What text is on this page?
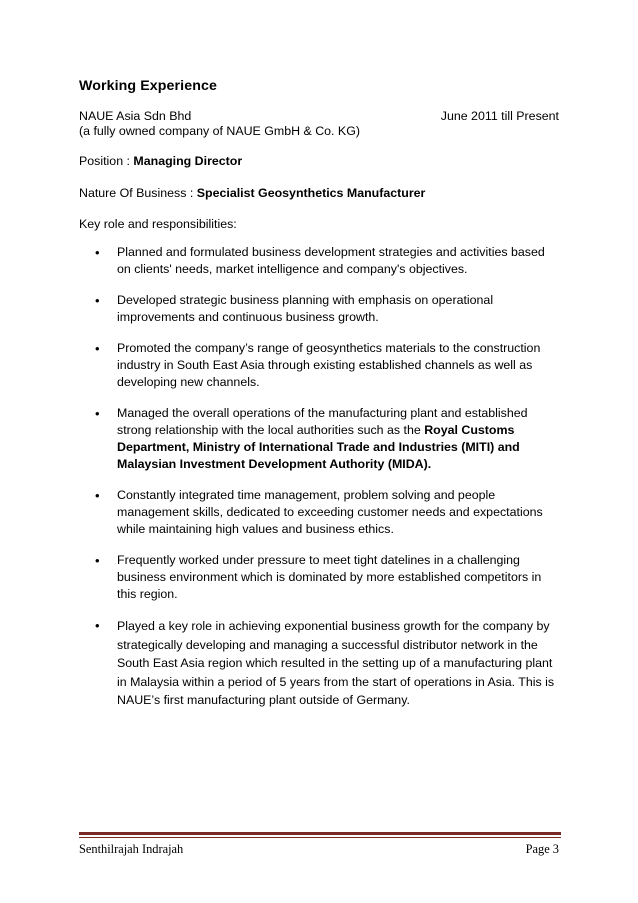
Working Experience
NAUE Asia Sdn Bhd	June 2011 till Present
(a fully owned company of NAUE GmbH & Co. KG)
Position : Managing Director
Nature Of Business : Specialist Geosynthetics Manufacturer
Key role and responsibilities:
• Planned and formulated business development strategies and activities based on clients' needs, market intelligence and company's objectives.
• Developed strategic business planning with emphasis on operational improvements and continuous business growth.
• Promoted the company’s range of geosynthetics materials to the construction industry in South East Asia through existing established channels as well as developing new channels.
• Managed the overall operations of the manufacturing plant and established strong relationship with the local authorities such as the Royal Customs Department, Ministry of International Trade and Industries (MITI) and Malaysian Investment Development Authority (MIDA).
• Constantly integrated time management, problem solving and people management skills, dedicated to exceeding customer needs and expectations while maintaining high values and business ethics.
• Frequently worked under pressure to meet tight datelines in a challenging business environment which is dominated by more established competitors in this region.
• Played a key role in achieving exponential business growth for the company by strategically developing and managing a successful distributor network in the South East Asia region which resulted in the setting up of a manufacturing plant in Malaysia within a period of 5 years from the start of operations in Asia. This is NAUE’s first manufacturing plant outside of Germany.
Senthilrajah Indrajah	Page 3
